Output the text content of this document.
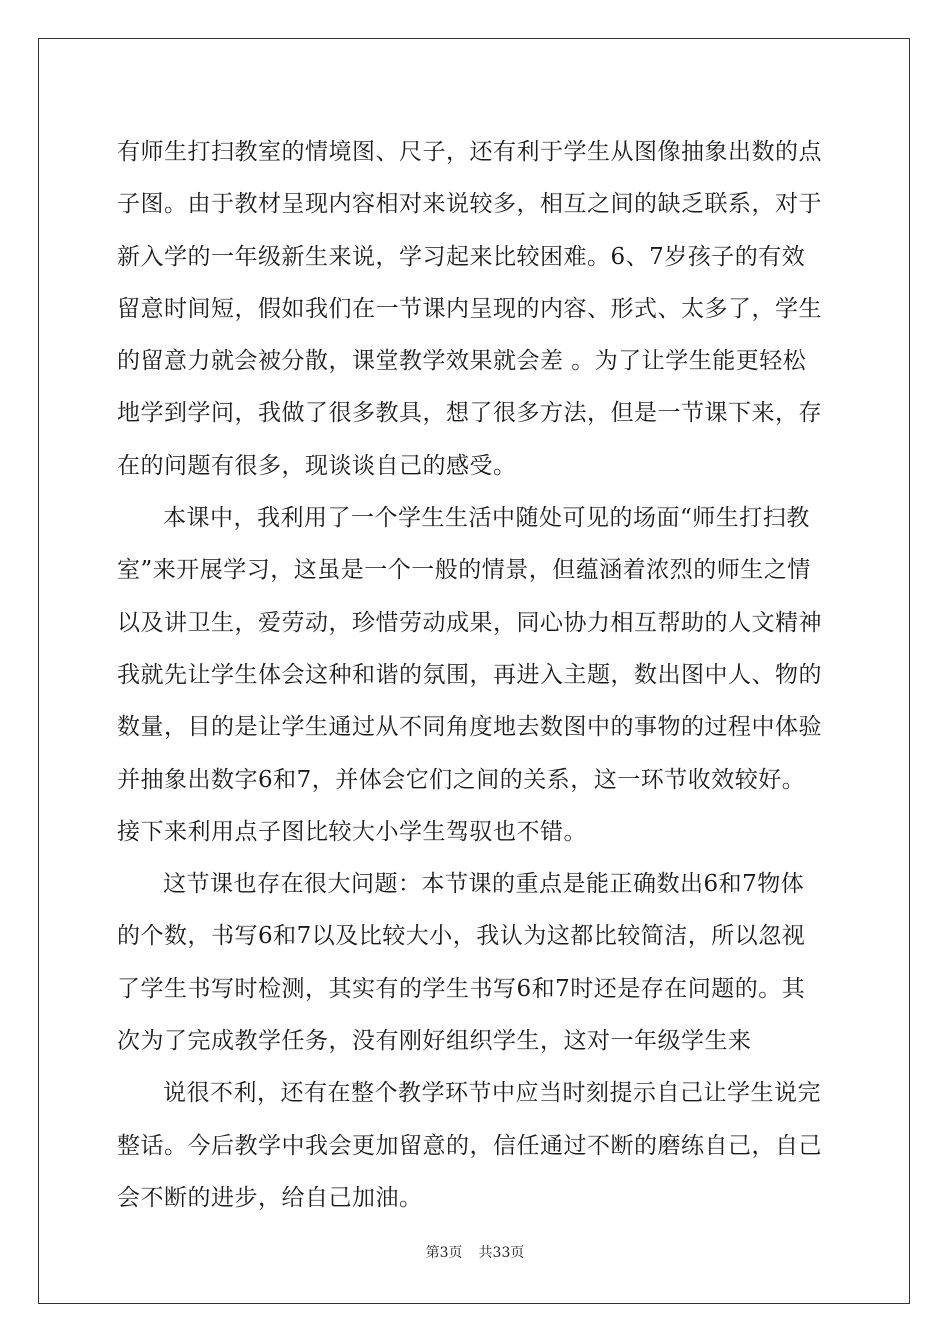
有师生打扫教室的情境图、尺子，还有利于学生从图像抽象出数的点
子图。由于教材呈现内容相对来说较多，相互之间的缺乏联系，对于
新入学的一年级新生来说，学习起来比较困难。6、7岁孩子的有效
留意时间短，假如我们在一节课内呈现的内容、形式、太多了，学生
的留意力就会被分散，课堂教学效果就会差 。为了让学生能更轻松
地学到学问，我做了很多教具，想了很多方法，但是一节课下来，存
在的问题有很多，现谈谈自己的感受。
本课中，我利用了一个学生生活中随处可见的场面“师生打扫教
室”来开展学习，这虽是一个一般的情景，但蕴涵着浓烈的师生之情
以及讲卫生，爱劳动，珍惜劳动成果，同心协力相互帮助的人文精神
我就先让学生体会这种和谐的氛围，再进入主题，数出图中人、物的
数量，目的是让学生通过从不同角度地去数图中的事物的过程中体验
并抽象出数字6和7，并体会它们之间的关系，这一环节收效较好。
接下来利用点子图比较大小学生驾驭也不错。
这节课也存在很大问题：本节课的重点是能正确数出6和7物体
的个数，书写6和7以及比较大小，我认为这都比较简洁，所以忽视
了学生书写时检测，其实有的学生书写6和7时还是存在问题的。其
次为了完成教学任务，没有刚好组织学生，这对一年级学生来
说很不利，还有在整个教学环节中应当时刻提示自己让学生说完
整话。今后教学中我会更加留意的，信任通过不断的磨练自己，自己
会不断的进步，给自己加油。
第3页 共33页
